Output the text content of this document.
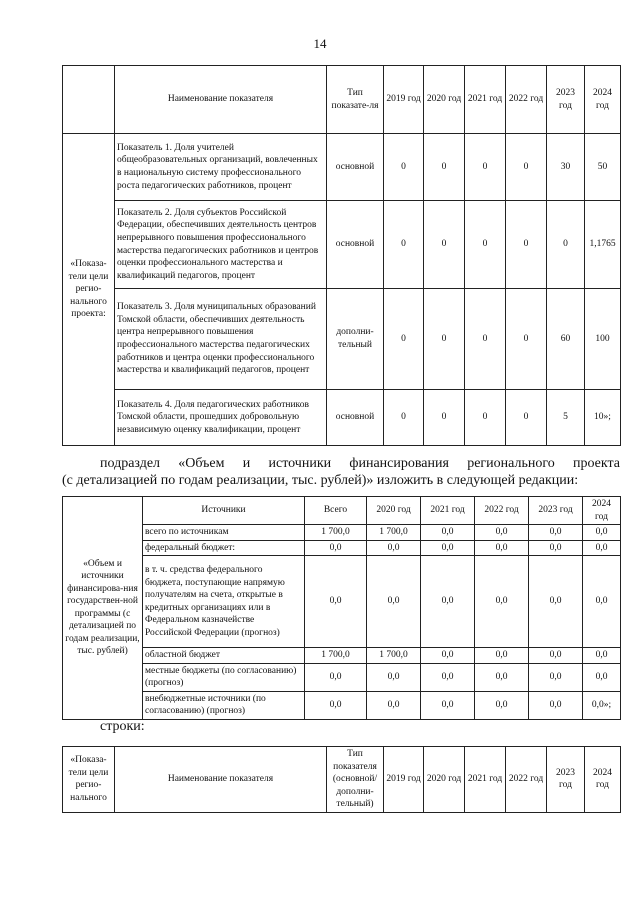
14
	Наименование показателя	Тип показате-ля	2019 год	2020 год	2021 год	2022 год	2023 год	2024 год
«Показа-тели цели регио-нального проекта:	Показатель 1. Доля учителей общеобразовательных организаций, вовлеченных в национальную систему профессионального роста педагогических работников, процент	основной	0	0	0	0	30	50
	Показатель 2. Доля субъектов Российской Федерации, обеспечивших деятельность центров непрерывного повышения профессионального мастерства педагогических работников и центров оценки профессионального мастерства и квалификаций педагогов, процент	основной	0	0	0	0	0	1,1765
	Показатель 3. Доля муниципальных образований Томской области, обеспечивших деятельность центра непрерывного повышения профессионального мастерства педагогических работников и центра оценки профессионального мастерства и квалификаций педагогов, процент	дополни-тельный	0	0	0	0	60	100
	Показатель 4. Доля педагогических работников Томской области, прошедших добровольную независимую оценку квалификации, процент	основной	0	0	0	0	5	10»;
подраздел «Объем и источники финансирования регионального проекта
(с детализацией по годам реализации, тыс. рублей)» изложить в следующей редакции:
«Объем и источники финансирова-ния государствен-ной программы (с детализацией по годам реализации, тыс. рублей)	Источники	Всего	2020 год	2021 год	2022 год	2023 год	2024 год
	всего по источникам	1 700,0	1 700,0	0,0	0,0	0,0	0,0
	федеральный бюджет:	0,0	0,0	0,0	0,0	0,0	0,0
	в т. ч. средства федерального бюджета, поступающие напрямую получателям на счета, открытые в кредитных организациях или в Федеральном казначействе Российской Федерации (прогноз)	0,0	0,0	0,0	0,0	0,0	0,0
	областной бюджет	1 700,0	1 700,0	0,0	0,0	0,0	0,0
	местные бюджеты (по согласованию) (прогноз)	0,0	0,0	0,0	0,0	0,0	0,0
	внебюджетные источники (по согласованию) (прогноз)	0,0	0,0	0,0	0,0	0,0	0,0»;
строки:
«Показа-тели цели регио-нального	Наименование показателя	Тип показателя (основной/ дополни-тельный)	2019 год	2020 год	2021 год	2022 год	2023 год	2024 год
